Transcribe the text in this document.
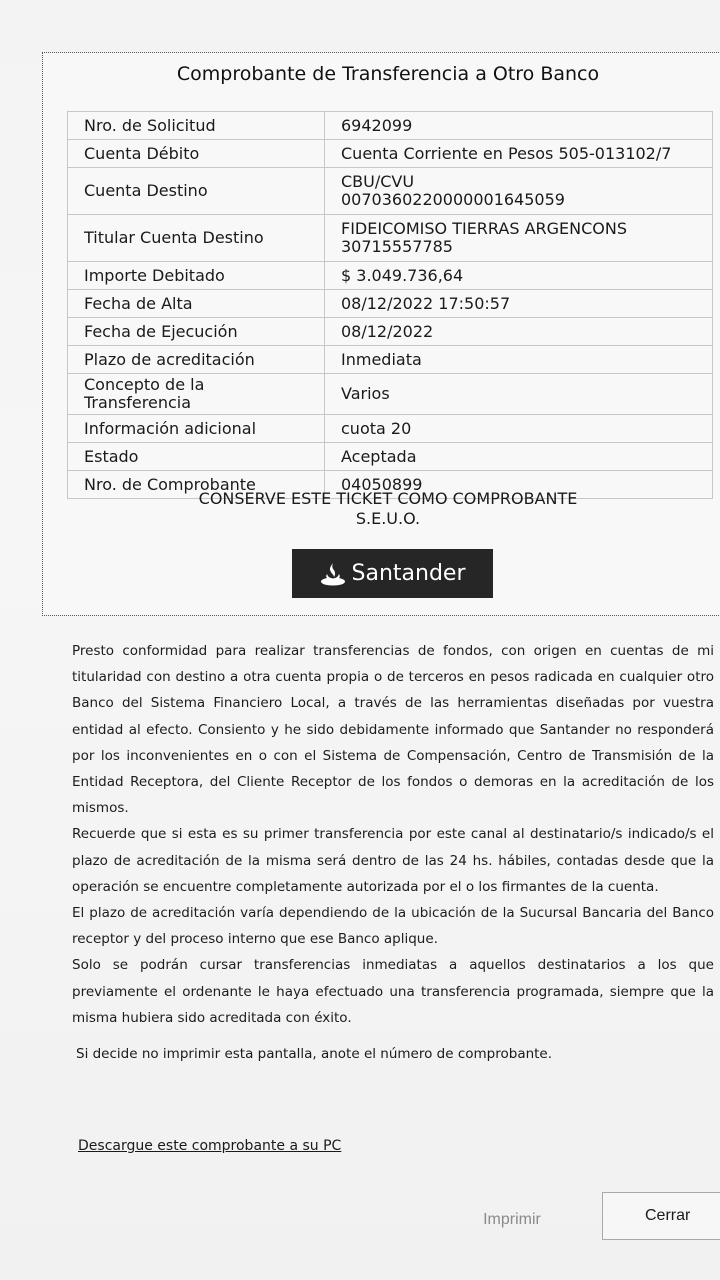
Comprobante de Transferencia a Otro Banco
Nro. de Solicitud	6942099
Cuenta Débito	Cuenta Corriente en Pesos 505-013102/7
Cuenta Destino	CBU/CVU
0070360220000001645059

Titular Cuenta Destino	FIDEICOMISO TIERRAS ARGENCONS
30715557785

Importe Debitado	$ 3.049.736,64
Fecha de Alta	08/12/2022 17:50:57
Fecha de Ejecución	08/12/2022
Plazo de acreditación	Inmediata
Concepto de la Transferencia	Varios
Información adicional	cuota 20
Estado	Aceptada
Nro. de Comprobante	04050899
CONSERVE ESTE TICKET COMO COMPROBANTE
S.E.U.O.
Santander

Presto conformidad para realizar transferencias de fondos, con origen en cuentas de mi titularidad con destino a otra cuenta propia o de terceros en pesos radicada en cualquier otro Banco del Sistema Financiero Local, a través de las herramientas diseñadas por vuestra entidad al efecto. Consiento y he sido debidamente informado que Santander no responderá por los inconvenientes en o con el Sistema de Compensación, Centro de Transmisión de la Entidad Receptora, del Cliente Receptor de los fondos o demoras en la acreditación de los mismos.

Recuerde que si esta es su primer transferencia por este canal al destinatario/s indicado/s el plazo de acreditación de la misma será dentro de las 24 hs. hábiles, contadas desde que la operación se encuentre completamente autorizada por el o los firmantes de la cuenta.

El plazo de acreditación varía dependiendo de la ubicación de la Sucursal Bancaria del Banco receptor y del proceso interno que ese Banco aplique.

Solo se podrán cursar transferencias inmediatas a aquellos destinatarios a los que previamente el ordenante le haya efectuado una transferencia programada, siempre que la misma hubiera sido acreditada con éxito.

Si decide no imprimir esta pantalla, anote el número de comprobante.
Descargue este comprobante a su PC
Imprimir	Cerrar
